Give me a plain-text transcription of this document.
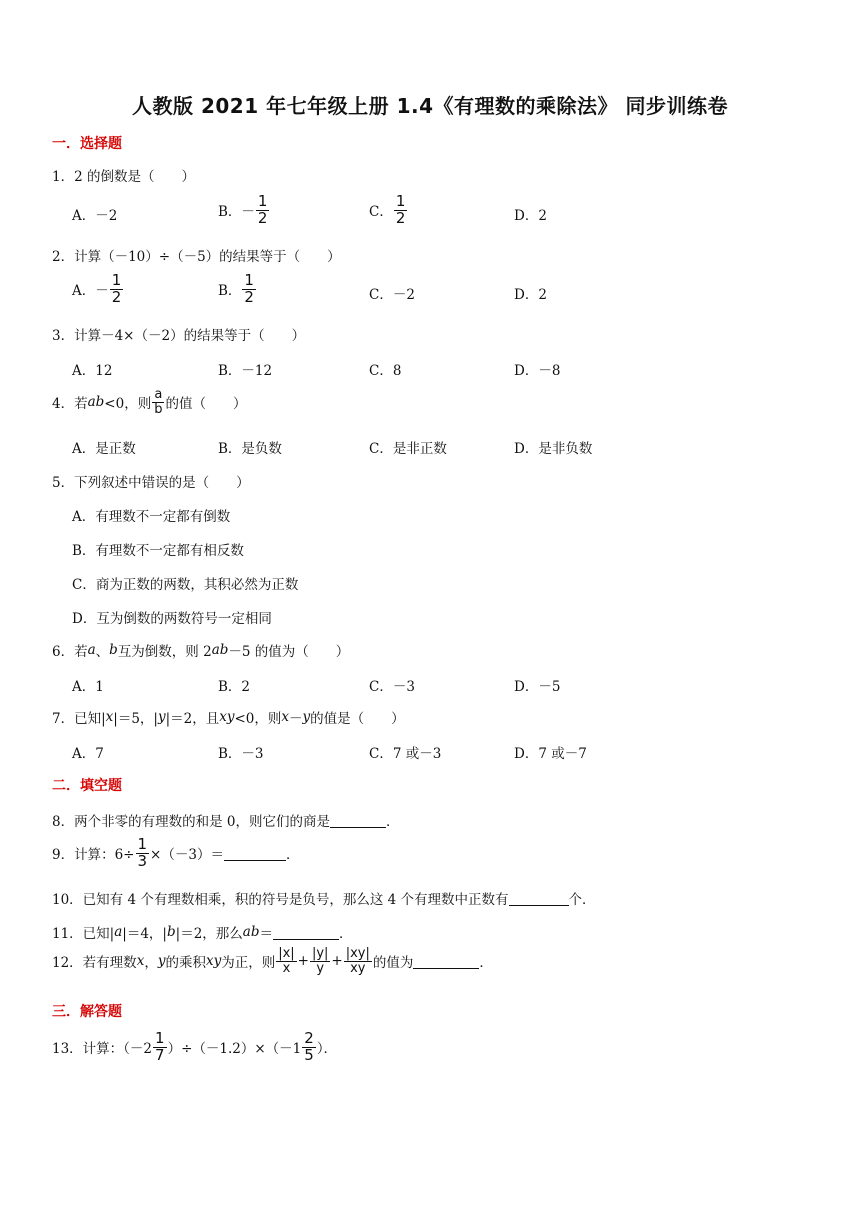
人教版 2021 年七年级上册 1.4《有理数的乘除法》 同步训练卷
一．选择题
1．2 的倒数是（　　）
A．－2	B．－ $\frac{1}{2}$	C． $\frac{1}{2}$	D．2
2．计算（－10）÷（－5）的结果等于（　　）
A．－ $\frac{1}{2}$	B． $\frac{1}{2}$	C．－2	D．2
3．计算－4×（－2）的结果等于（　　）
A．12	B．－12	C．8	D．－8
4．若 ab <0，则 $\frac{a}{b}$ 的值（　　）
A．是正数	B．是负数	C．是非正数	D．是非负数
5．下列叙述中错误的是（　　）
A．有理数不一定都有倒数
B．有理数不一定都有相反数
C．商为正数的两数，其积必然为正数
D．互为倒数的两数符号一定相同
6．若 a 、 b 互为倒数，则 2 ab －5 的值为（　　）
A．1	B．2	C．－3	D．－5
7．已知| x |＝5，| y |＝2，且 xy <0，则 x － y 的值是（　　）
A．7	B．－3	C．7 或－3	D．7 或－7
二．填空题
8．两个非零的有理数的和是 0，则它们的商是	．
9．计算：$6\div \frac{1}{3} \times(-3)=$	．
10．已知有 4 个有理数相乘，积的符号是负号，那么这 4 个有理数中正数有	个．
11．已知| a |＝4，| b |＝2，那么 ab ＝	．
12．若有理数 x ， y 的乘积 xy 为正，则 $\frac{|x|}{x} + \frac{|y|}{y} + \frac{|xy|}{xy}$ 的值为	．
三．解答题
13．计算：$(-2 \frac{1}{7} )\div(-1.2)\times(-1 \frac{2}{5}$ ）．
